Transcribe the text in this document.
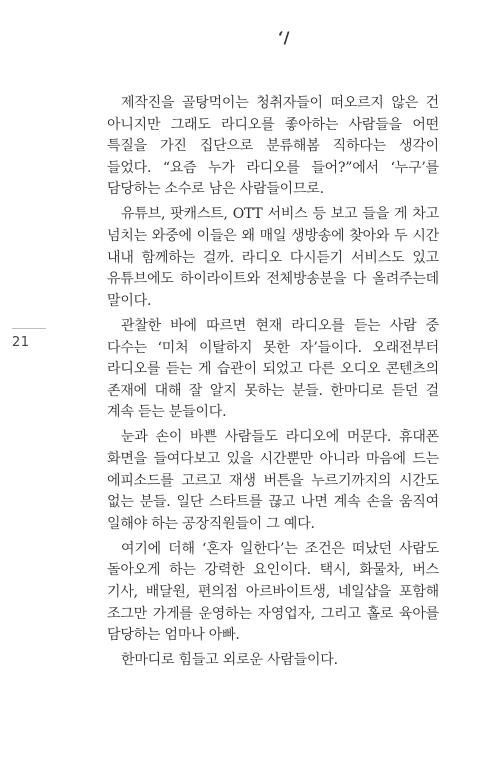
ʻ/
21

제작진을 골탕먹이는 청취자들이 떠오르지 않은 건 아니지만 그래도 라디오를 좋아하는 사람들을 어떤 특질을 가진 집단으로 분류해봄 직하다는 생각이 들었다. “요즘 누가 라디오를 들어?”에서 ‘누구’를 담당하는 소수로 남은 사람들이므로.

유튜브, 팟캐스트, OTT 서비스 등 보고 들을 게 차고 넘치는 와중에 이들은 왜 매일 생방송에 찾아와 두 시간 내내 함께하는 걸까. 라디오 다시듣기 서비스도 있고 유튜브에도 하이라이트와 전체방송분을 다 올려주는데 말이다.

관찰한 바에 따르면 현재 라디오를 듣는 사람 중 다수는 ‘미처 이탈하지 못한 자’들이다. 오래전부터 라디오를 듣는 게 습관이 되었고 다른 오디오 콘텐츠의 존재에 대해 잘 알지 못하는 분들. 한마디로 듣던 걸 계속 듣는 분들이다.

눈과 손이 바쁜 사람들도 라디오에 머문다. 휴대폰 화면을 들여다보고 있을 시간뿐만 아니라 마음에 드는 에피소드를 고르고 재생 버튼을 누르기까지의 시간도 없는 분들. 일단 스타트를 끊고 나면 계속 손을 움직여 일해야 하는 공장직원들이 그 예다.

여기에 더해 ‘혼자 일한다’는 조건은 떠났던 사람도 돌아오게 하는 강력한 요인이다. 택시, 화물차, 버스 기사, 배달원, 편의점 아르바이트생, 네일샵을 포함해 조그만 가게를 운영하는 자영업자, 그리고 홀로 육아를 담당하는 엄마나 아빠.

한마디로 힘들고 외로운 사람들이다.
